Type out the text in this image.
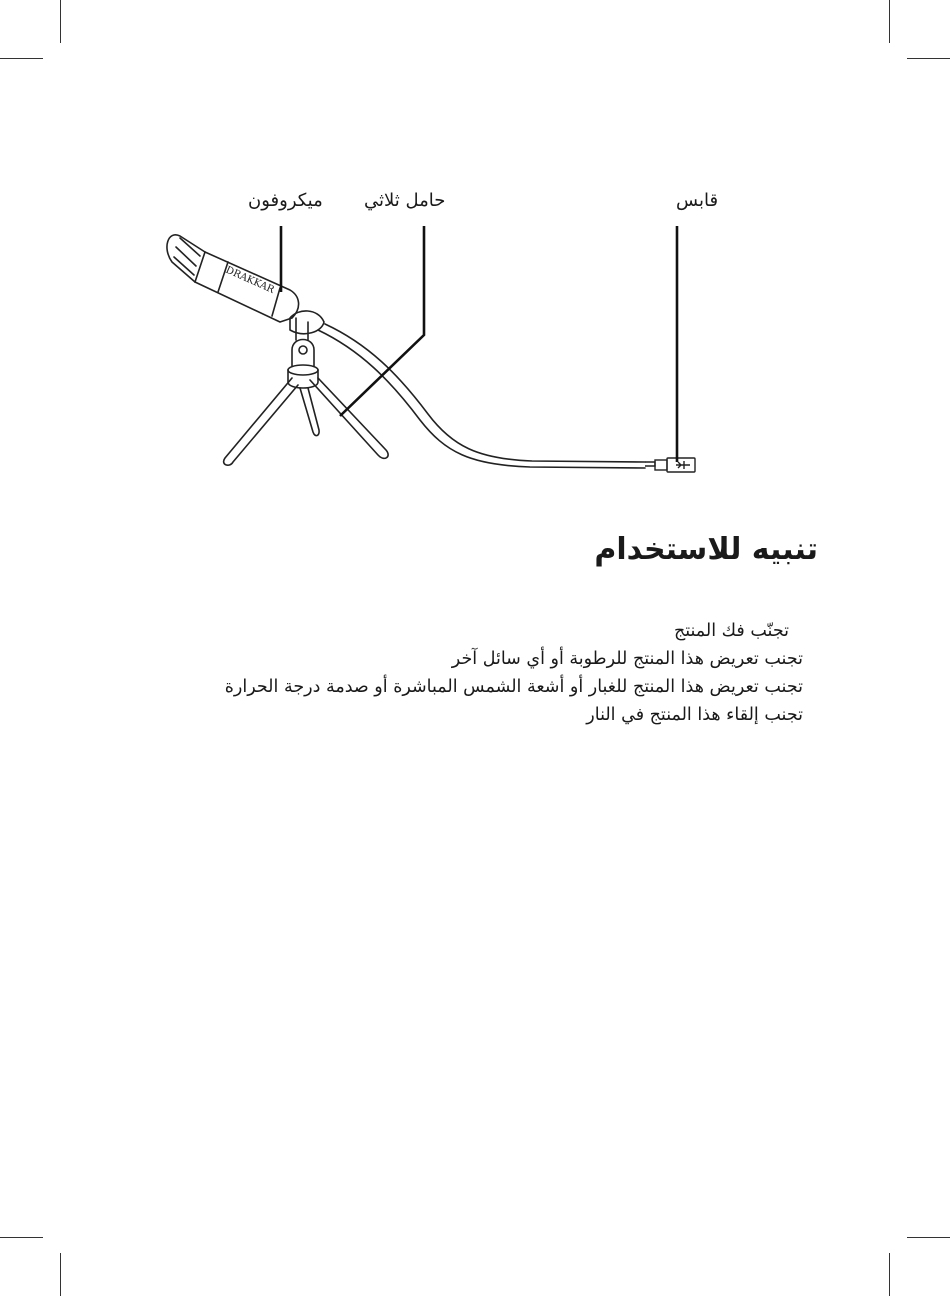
DRAKKAR
ميكروفون حامل ثلاثي	قابس
تنبيه للاستخدام
تجنّب فك المنتج
تجنب تعريض هذا المنتج للرطوبة أو أي سائل آخر
تجنب تعريض هذا المنتج للغبار أو أشعة الشمس المباشرة أو صدمة درجة الحرارة
تجنب إلقاء هذا المنتج في النار
